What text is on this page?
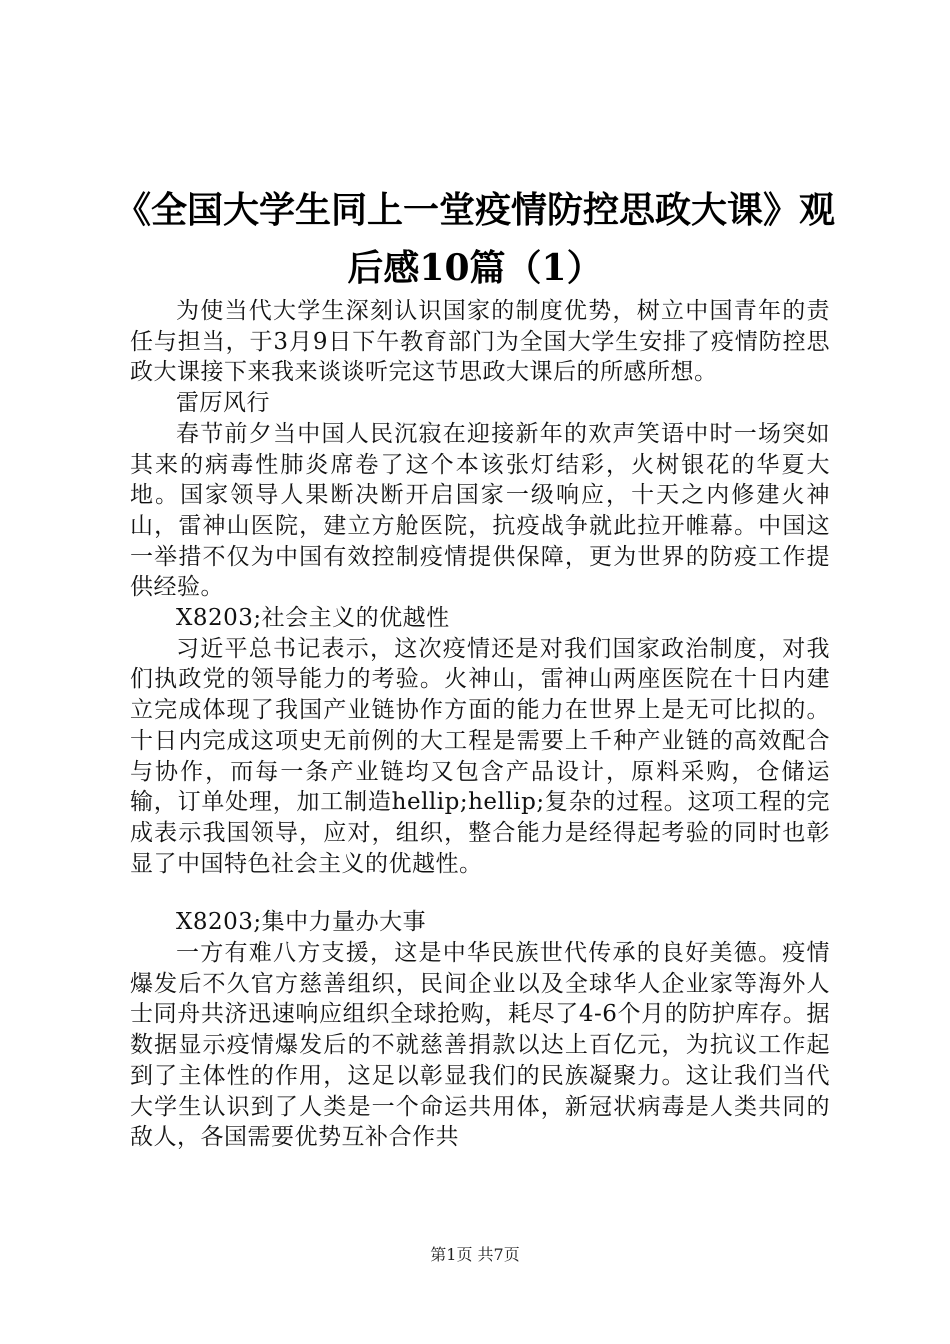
《全国大学生同上一堂疫情防控思政大课》观
后感10篇（1）

为使当代大学生深刻认识国家的制度优势，树立中国青年的责任与担当，于3月9日下午教育部门为全国大学生安排了疫情防控思政大课接下来我来谈谈听完这节思政大课后的所感所想。

雷厉风行

春节前夕当中国人民沉寂在迎接新年的欢声笑语中时一场突如其来的病毒性肺炎席卷了这个本该张灯结彩，火树银花的华夏大地。国家领导人果断决断开启国家一级响应，十天之内修建火神山，雷神山医院，建立方舱医院，抗疫战争就此拉开帷幕。中国这一举措不仅为中国有效控制疫情提供保障，更为世界的防疫工作提供经验。

X8203;社会主义的优越性

习近平总书记表示，这次疫情还是对我们国家政治制度，对我们执政党的领导能力的考验。火神山，雷神山两座医院在十日内建立完成体现了我国产业链协作方面的能力在世界上是无可比拟的。十日内完成这项史无前例的大工程是需要上千种产业链的高效配合与协作，而每一条产业链均又包含产品设计，原料采购，仓储运输，订单处理，加工制造hellip;hellip;复杂的过程。这项工程的完成表示我国领导，应对，组织，整合能力是经得起考验的同时也彰显了中国特色社会主义的优越性。

X8203;集中力量办大事

一方有难八方支援，这是中华民族世代传承的良好美德。疫情爆发后不久官方慈善组织，民间企业以及全球华人企业家等海外人士同舟共济迅速响应组织全球抢购，耗尽了4-6个月的防护库存。据数据显示疫情爆发后的不就慈善捐款以达上百亿元，为抗议工作起到了主体性的作用，这足以彰显我们的民族凝聚力。这让我们当代大学生认识到了人类是一个命运共用体，新冠状病毒是人类共同的敌人，各国需要优势互补合作共

第1页 共7页
